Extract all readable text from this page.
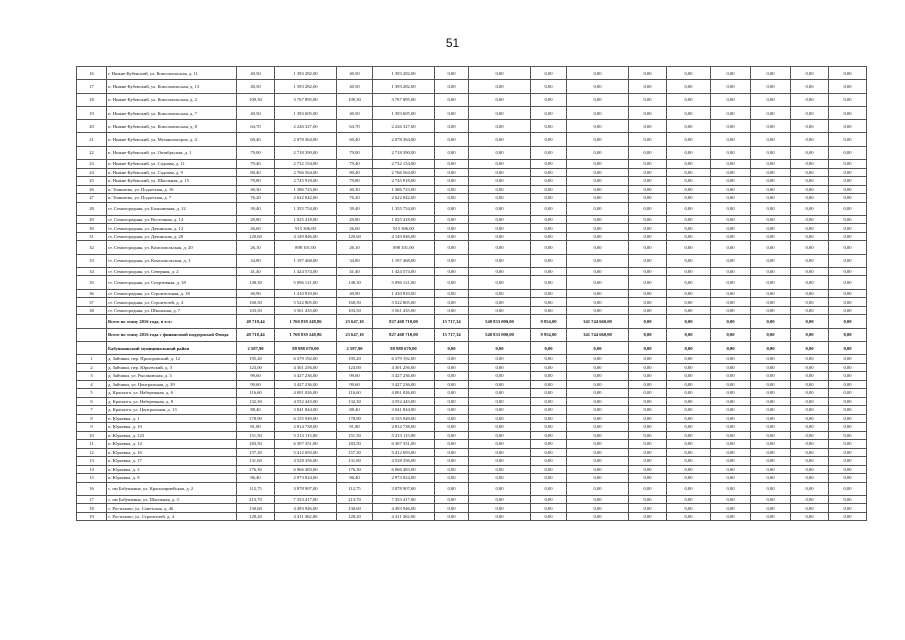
51
16	г. Нижне-Кубенский, ул. Комсомольская, д. 11	40,50	1 393 282,00	40,50	1 393 282,00	0,00	0,00	0,00	0,00	0,00	0,00	0,00	0,00	0,00	0,00
17	п. Нижне-Кубенский, ул. Комсомольская, д. 13	40,50	1 393 282,00	40,50	1 393 282,00	0,00	0,00	0,00	0,00	0,00	0,00	0,00	0,00	0,00	0,00
18	п. Нижне-Кубенский, ул. Комсомольская, д. 2	109,30	3 767 895,00	109,30	3 767 895,00	0,00	0,00	0,00	0,00	0,00	0,00	0,00	0,00	0,00	0,00
19	п. Нижне-Кубенский, ул. Комсомольская, д. 7	40,50	1 393 605,00	40,50	1 393 605,00	0,00	0,00	0,00	0,00	0,00	0,00	0,00	0,00	0,00	0,00
20	п. Нижне-Кубенский, ул. Комсомольская, д. 8	64,70	2 226 327,00	64,70	2 226 327,00	0,00	0,00	0,00	0,00	0,00	0,00	0,00	0,00	0,00	0,00
21	п. Нижне-Кубенский, ул. Механизаторов, д. 4	60,40	2 078 364,00	60,40	2 078 364,00	0,00	0,00	0,00	0,00	0,00	0,00	0,00	0,00	0,00	0,00
22	п. Нижне-Кубенский, ул. Октябрьская, д. 1	79,00	2 718 390,00	79,00	2 718 390,00	0,00	0,00	0,00	0,00	0,00	0,00	0,00	0,00	0,00	0,00
23	п. Нижне-Кубенский, ул. Садовая, д. 11	79,40	2 732 154,00	79,40	2 732 154,00	0,00	0,00	0,00	0,00	0,00	0,00	0,00	0,00	0,00	0,00
24	п. Нижне-Кубенский, ул. Садовая, д. 9	80,40	2 766 564,00	80,40	2 766 564,00	0,00	0,00	0,00	0,00	0,00	0,00	0,00	0,00	0,00	0,00
25	п. Нижне-Кубенский, ул. Школьная, д. 15	79,80	2 745 918,00	79,80	2 745 918,00	0,00	0,00	0,00	0,00	0,00	0,00	0,00	0,00	0,00	0,00
26	п. Тоншаево, ул. Подлесная, д. 10	40,30	1 386 723,00	40,30	1 386 723,00	0,00	0,00	0,00	0,00	0,00	0,00	0,00	0,00	0,00	0,00
27	п. Тоншаево, ул. Подлесная, д. 7	76,20	2 622 042,00	76,20	2 622 042,00	0,00	0,00	0,00	0,00	0,00	0,00	0,00	0,00	0,00	0,00
28	ст. Семигородняя, ул. Больничная, д. 12	39,40	1 355 754,00	39,40	1 355 754,00	0,00	0,00	0,00	0,00	0,00	0,00	0,00	0,00	0,00	0,00
29	ст. Семигородняя, ул. Восточная, д. 14	29,80	1 025 418,00	29,80	1 025 418,00	0,00	0,00	0,00	0,00	0,00	0,00	0,00	0,00	0,00	0,00
30	ст. Семигородняя, ул. Дачинская, д. 12	26,60	915 306,00	26,60	915 306,00	0,00	0,00	0,00	0,00	0,00	0,00	0,00	0,00	0,00	0,00
31	ст. Семигородняя, ул. Дачинская, д. 20	120,60	4 149 846,00	120,60	4 149 846,00	0,00	0,00	0,00	0,00	0,00	0,00	0,00	0,00	0,00	0,00
32	ст. Семигородняя, ул. Комсомольская, д. 20	26,10	898 101,00	26,10	898 101,00	0,00	0,00	0,00	0,00	0,00	0,00	0,00	0,00	0,00	0,00
33	ст. Семигородняя, ул. Комсомольская, д. 3	34,80	1 197 468,00	34,80	1 197 468,00	0,00	0,00	0,00	0,00	0,00	0,00	0,00	0,00	0,00	0,00
34	ст. Семигородняя, ул. Северная, д. 2	41,40	1 424 574,00	41,40	1 424 574,00	0,00	0,00	0,00	0,00	0,00	0,00	0,00	0,00	0,00	0,00
35	ст. Семигородняя, ул. Спортивная, д. 39	148,30	5 096 121,00	148,30	5 096 121,00	0,00	0,00	0,00	0,00	0,00	0,00	0,00	0,00	0,00	0,00
36	ст. Семигородняя, ул. Строительная, д. 18	40,90	1 410 810,00	40,90	1 410 810,00	0,00	0,00	0,00	0,00	0,00	0,00	0,00	0,00	0,00	0,00
37	ст. Семигородняя, ул. Строителей, д. 4	160,50	5 522 805,00	160,50	5 522 805,00	0,00	0,00	0,00	0,00	0,00	0,00	0,00	0,00	0,00	0,00
38	ст. Семигородняя, ул. Школьная, д. 7	103,50	3 561 435,00	103,50	3 561 435,00	0,00	0,00	0,00	0,00	0,00	0,00	0,00	0,00	0,00	0,00
	Всего по этапу 2016 года, в т.ч.:	49 718,44	1 760 839 248,86	23 647,10	827 468 710,00	15 717,34	540 833 000,00	9 954,00	341 744 660,00	0,00	0,00	0,00	0,00	0,00	0,00
	Всего по этапу 2016 года с финансовой поддержкой Фонда	49 718,44	1 760 839 248,86	23 647,10	827 468 710,00	15 717,34	540 833 000,00	9 954,00	341 744 660,00	0,00	0,00	0,00	0,00	0,00	0,00
	Бабушкинский муниципальный район	2 587,90	88 988 670,00	2 587,90	88 988 670,00	0,00	0,00	0,00	0,00	0,00	0,00	0,00	0,00	0,00	0,00
1	д. Зайчики, пер. Прохоровский, д. 12	195,20	6 379 192,00	195,20	6 379 192,00	0,00	0,00	0,00	0,00	0,00	0,00	0,00	0,00	0,00	0,00
2	д. Зайчики, пер. Юрьевский, д. 3	123,00	4 301 256,00	123,00	4 301 256,00	0,00	0,00	0,00	0,00	0,00	0,00	0,00	0,00	0,00	0,00
3	д. Зайчики, ул. Рысаковская, д. 3	99,60	3 427 236,00	99,60	3 427 236,00	0,00	0,00	0,00	0,00	0,00	0,00	0,00	0,00	0,00	0,00
4	д. Зайчики, ул. Центральная, д. 39	99,60	3 427 236,00	99,60	3 427 236,00	0,00	0,00	0,00	0,00	0,00	0,00	0,00	0,00	0,00	0,00
5	д. Краснота, ул. Набережная, д. 6	116,60	4 001 026,00	116,60	4 001 026,00	0,00	0,00	0,00	0,00	0,00	0,00	0,00	0,00	0,00	0,00
6	д. Краснота, ул. Набережная, д. 8	132,30	4 552 443,00	132,30	4 552 443,00	0,00	0,00	0,00	0,00	0,00	0,00	0,00	0,00	0,00	0,00
7	д. Краснота, ул. Центральная, д. 13	88,40	3 041 844,00	88,40	3 041 844,00	0,00	0,00	0,00	0,00	0,00	0,00	0,00	0,00	0,00	0,00
8	п. Юрьевка, д. 1	178,90	6 155 949,00	178,90	6 155 949,00	0,00	0,00	0,00	0,00	0,00	0,00	0,00	0,00	0,00	0,00
9	п. Юрьевка, д. 10	81,80	2 814 738,00	81,80	2 814 738,00	0,00	0,00	0,00	0,00	0,00	0,00	0,00	0,00	0,00	0,00
10	п. Юрьевка, д. 123	151,50	5 213 115,00	151,50	5 213 115,00	0,00	0,00	0,00	0,00	0,00	0,00	0,00	0,00	0,00	0,00
11	п. Юрьевка, д. 14	183,50	6 307 351,00	183,50	6 307 351,00	0,00	0,00	0,00	0,00	0,00	0,00	0,00	0,00	0,00	0,00
12	п. Юрьевка, д. 16	157,30	5 412 693,00	157,30	5 412 693,00	0,00	0,00	0,00	0,00	0,00	0,00	0,00	0,00	0,00	0,00
13	п. Юрьевка, д. 17	131,60	4 528 356,00	131,60	4 528 356,00	0,00	0,00	0,00	0,00	0,00	0,00	0,00	0,00	0,00	0,00
14	п. Юрьевка, д. 2	176,30	6 066 483,00	176,30	6 066 483,00	0,00	0,00	0,00	0,00	0,00	0,00	0,00	0,00	0,00	0,00
15	п. Юрьевка, д. 8	86,40	2 973 024,00	86,40	2 973 024,00	0,00	0,00	0,00	0,00	0,00	0,00	0,00	0,00	0,00	0,00
16	с. им Бабушкина, ул. Красноармейская, д. 2	112,75	3 878 907,00	112,75	3 878 907,00	0,00	0,00	0,00	0,00	0,00	0,00	0,00	0,00	0,00	0,00
17	с. им Бабушкина, ул. Школьная, д. 3	213,70	7 353 417,00	213,70	7 353 417,00	0,00	0,00	0,00	0,00	0,00	0,00	0,00	0,00	0,00	0,00
18	с. Ростилово, ул. Советская, д. 46	130,60	4 493 946,00	130,60	4 493 946,00	0,00	0,00	0,00	0,00	0,00	0,00	0,00	0,00	0,00	0,00
19	с. Ростилово, ул. Строителей, д. 4	128,20	4 411 362,00	128,20	4 411 362,00	0,00	0,00	0,00	0,00	0,00	0,00	0,00	0,00	0,00	0,00
